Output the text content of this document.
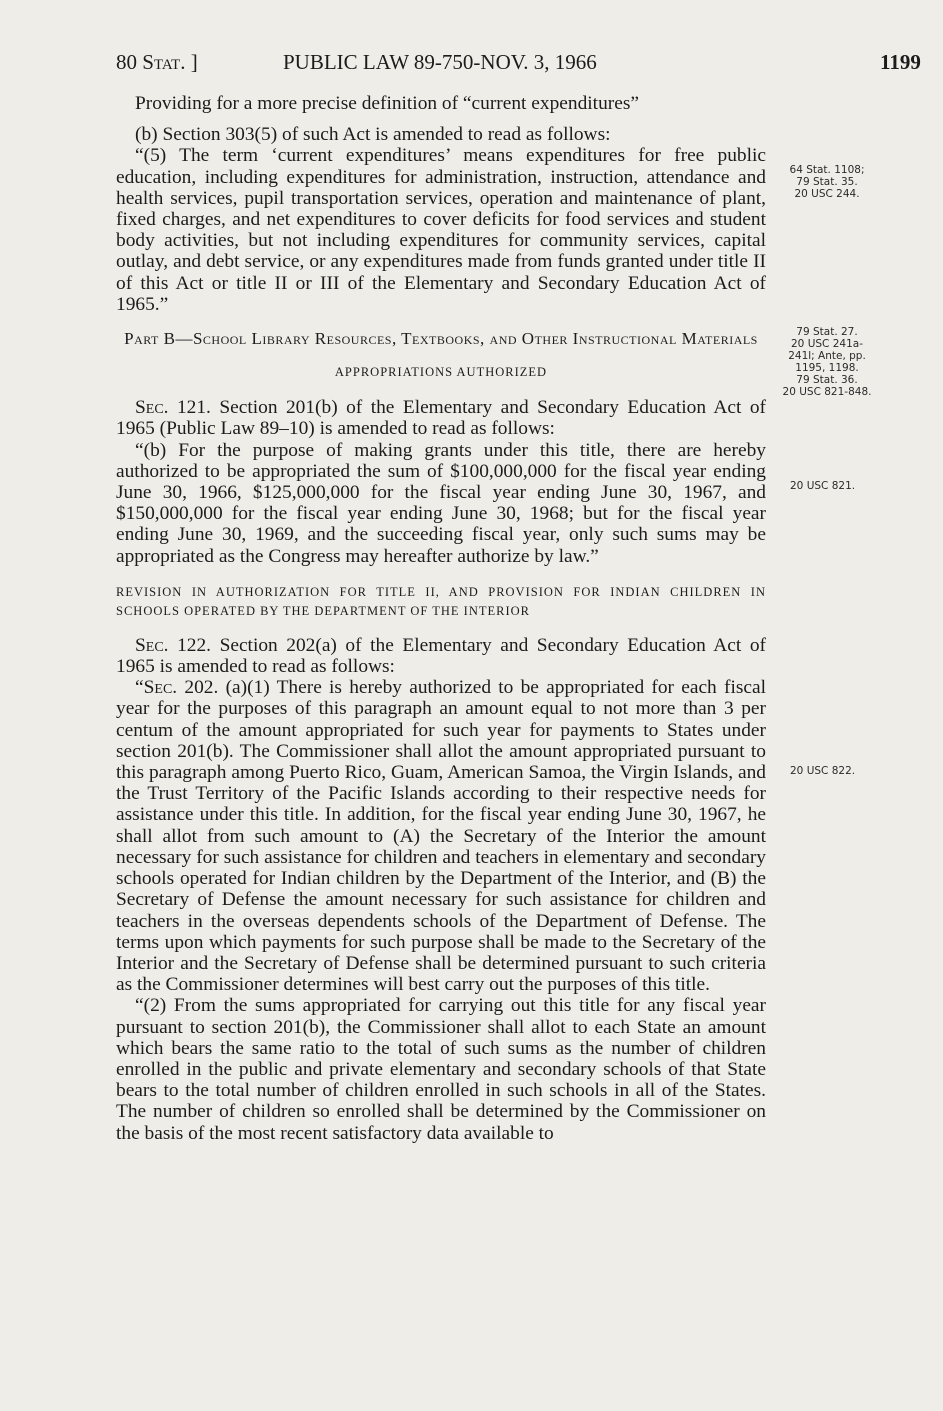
80 Stat. ]	PUBLIC LAW 89-750-NOV. 3, 1966	1199

Providing for a more precise definition of “current expenditures”

(b) Section 303(5) of such Act is amended to read as follows:

“(5) The term ‘current expenditures’ means expenditures for free public education, including expenditures for administration, instruction, attendance and health services, pupil transportation services, operation and maintenance of plant, fixed charges, and net expenditures to cover deficits for food services and student body activities, but not including expenditures for community services, capital outlay, and debt service, or any expenditures made from funds granted under title II of this Act or title II or III of the Elementary and Secondary Education Act of 1965.”

Part B—School Library Resources, Textbooks, and Other Instructional Materials

APPROPRIATIONS AUTHORIZED

Sec. 121. Section 201(b) of the Elementary and Secondary Education Act of 1965 (Public Law 89–10) is amended to read as follows:

“(b) For the purpose of making grants under this title, there are hereby authorized to be appropriated the sum of $100,000,000 for the fiscal year ending June 30, 1966, $125,000,000 for the fiscal year ending June 30, 1967, and $150,000,000 for the fiscal year ending June 30, 1968; but for the fiscal year ending June 30, 1969, and the succeeding fiscal year, only such sums may be appropriated as the Congress may hereafter authorize by law.”

REVISION IN AUTHORIZATION FOR TITLE II, AND PROVISION FOR INDIAN CHILDREN IN SCHOOLS OPERATED BY THE DEPARTMENT OF THE INTERIOR

Sec. 122. Section 202(a) of the Elementary and Secondary Education Act of 1965 is amended to read as follows:

“Sec. 202. (a)(1) There is hereby authorized to be appropriated for each fiscal year for the purposes of this paragraph an amount equal to not more than 3 per centum of the amount appropriated for such year for payments to States under section 201(b). The Commissioner shall allot the amount appropriated pursuant to this paragraph among Puerto Rico, Guam, American Samoa, the Virgin Islands, and the Trust Territory of the Pacific Islands according to their respective needs for assistance under this title. In addition, for the fiscal year ending June 30, 1967, he shall allot from such amount to (A) the Secretary of the Interior the amount necessary for such assistance for children and teachers in elementary and secondary schools operated for Indian children by the Department of the Interior, and (B) the Secretary of Defense the amount necessary for such assistance for children and teachers in the overseas dependents schools of the Department of Defense. The terms upon which payments for such purpose shall be made to the Secretary of the Interior and the Secretary of Defense shall be determined pursuant to such criteria as the Commissioner determines will best carry out the purposes of this title.

“(2) From the sums appropriated for carrying out this title for any fiscal year pursuant to section 201(b), the Commissioner shall allot to each State an amount which bears the same ratio to the total of such sums as the number of children enrolled in the public and private elementary and secondary schools of that State bears to the total number of children enrolled in such schools in all of the States. The number of children so enrolled shall be determined by the Commissioner on the basis of the most recent satisfactory data available to

64 Stat. 1108;
79 Stat. 35.
20 USC 244.
79 Stat. 27.
20 USC 241a-
241l; Ante, pp.
1195, 1198.
79 Stat. 36.
20 USC 821-848.
20 USC 821.
20 USC 822.
